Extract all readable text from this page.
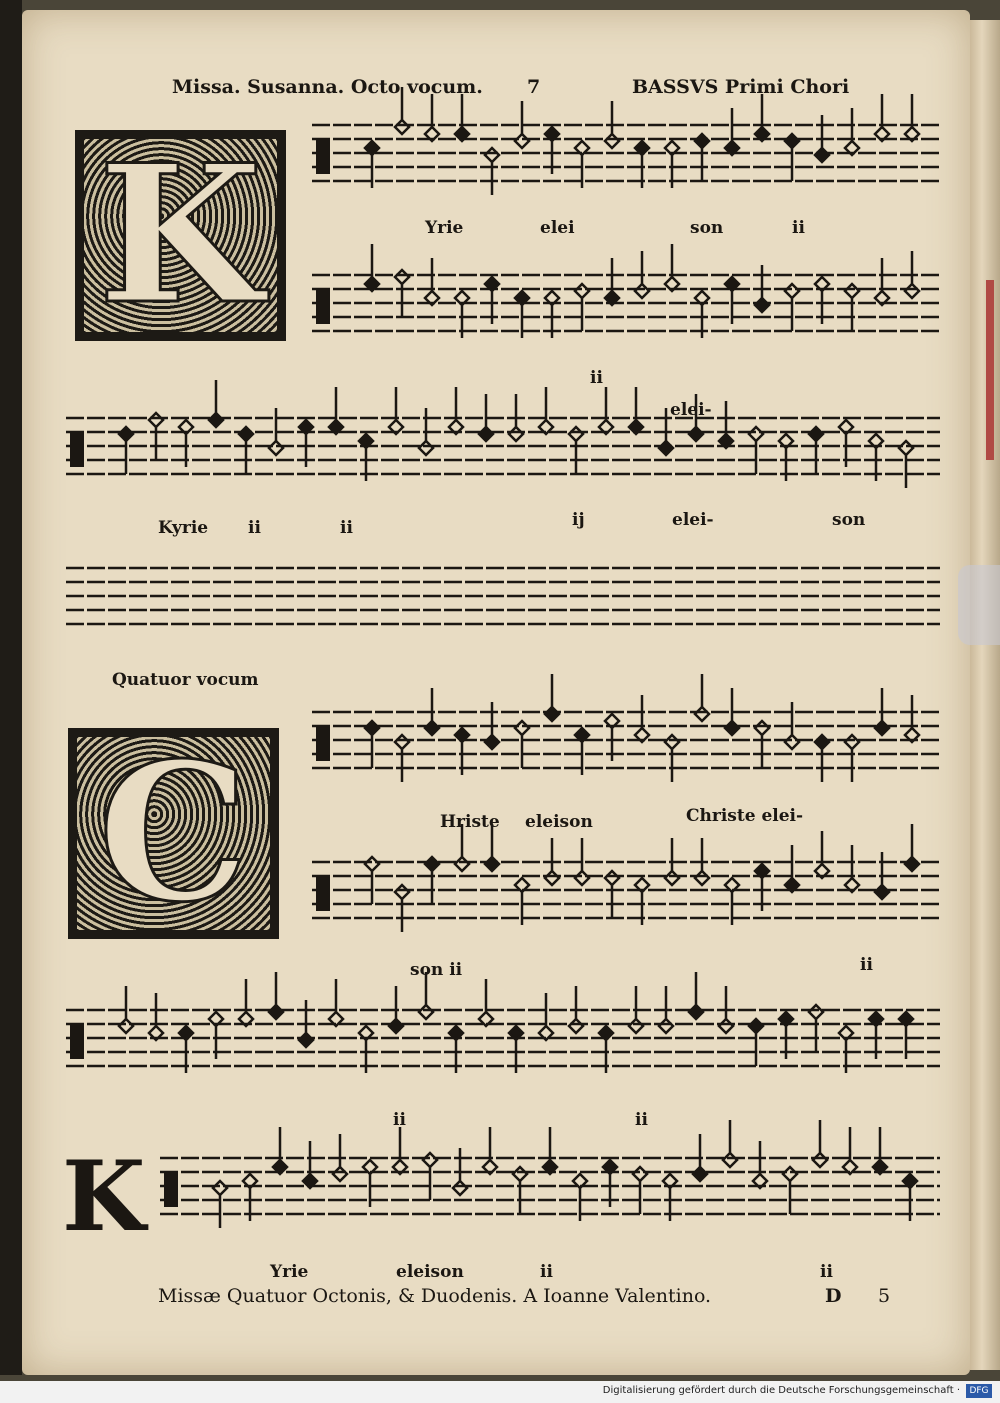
Missa. Susanna. Octo vocum. 7	BASSVS Primi Chori
K
C
K
Yrie	elei	son	ii
ii
elei-
Kyrie ii	ii	ij	elei-	son
Quatuor vocum
Hriste eleison	Christe elei-
son ii	ii
ii	ii
Yrie	eleison	ii	ii
Missæ Quatuor Octonis, & Duodenis. A Ioanne Valentino.	D 5
Digitalisierung gefördert durch die Deutsche Forschungsgemeinschaft ·	DFG
